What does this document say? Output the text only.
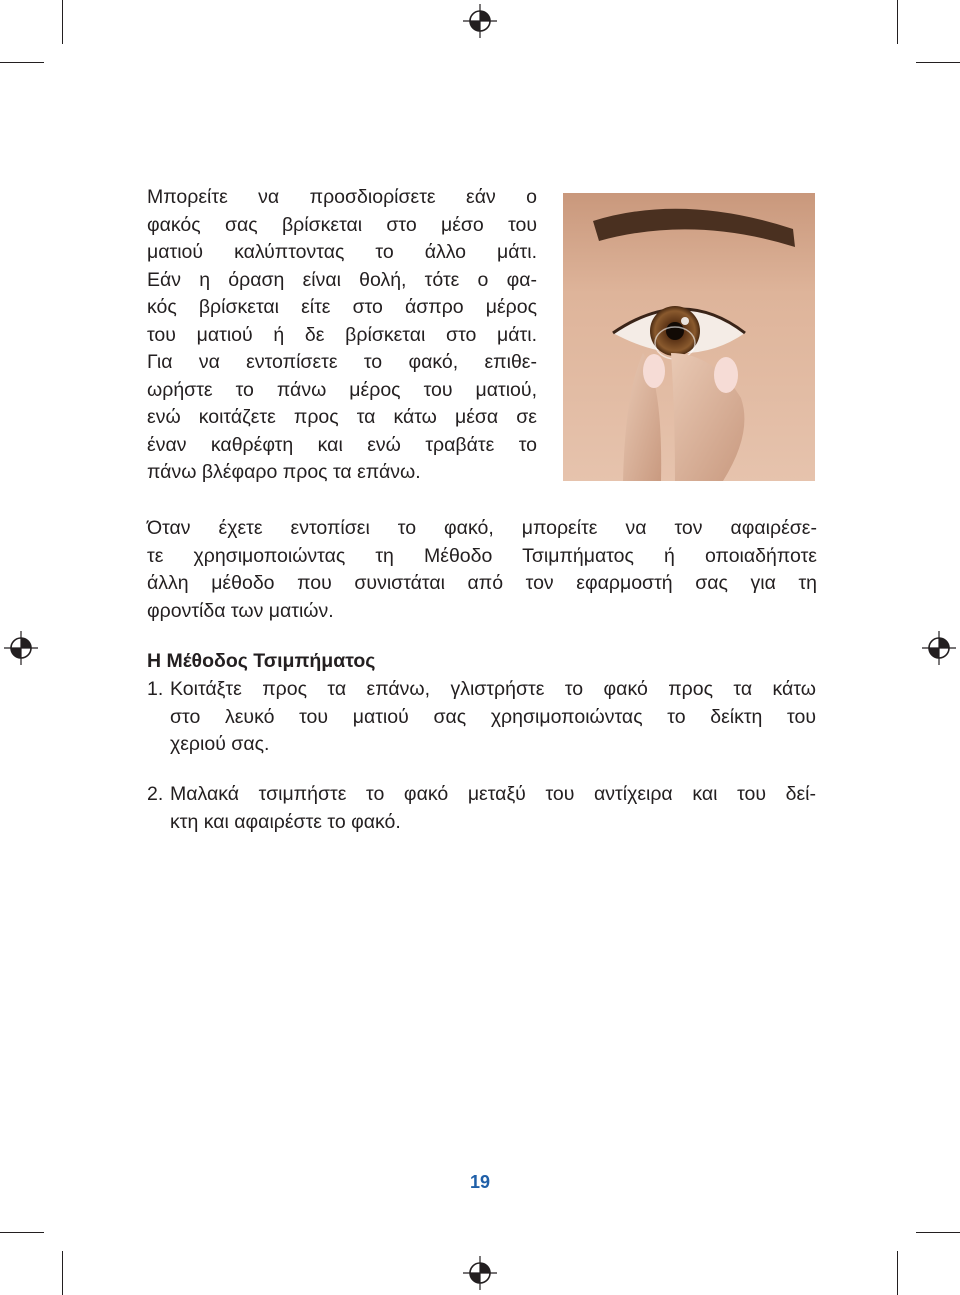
Μπορείτε να προσδιορίσετε εάν ο

φακός σας βρίσκεται στο μέσο του

ματιού καλύπτοντας το άλλο μάτι.

Εάν η όραση είναι θολή, τότε ο φα-

κός βρίσκεται είτε στο άσπρο μέρος

του ματιού ή δε βρίσκεται στο μάτι.

Για να εντοπίσετε το φακό, επιθε-

ωρήστε το πάνω μέρος του ματιού,

ενώ κοιτάζετε προς τα κάτω μέσα σε

έναν καθρέφτη και ενώ τραβάτε το

πάνω βλέφαρο προς τα επάνω.

Όταν έχετε εντοπίσει το φακό, μπορείτε να τον αφαιρέσε-

τε χρησιμοποιώντας τη Μέθοδο Τσιμπήματος ή οποιαδήποτε

άλλη μέθοδο που συνιστάται από τον εφαρμοστή σας για τη

φροντίδα των ματιών.

Η Μέθοδος Τσιμπήματος
1. Κοιτάξτε προς τα επάνω, γλιστρήστε το φακό προς τα κάτω

στο λευκό του ματιού σας χρησιμοποιώντας το δείκτη του

χεριού σας.

2. Μαλακά τσιμπήστε το φακό μεταξύ του αντίχειρα και του δεί-

κτη και αφαιρέστε το φακό.

19
